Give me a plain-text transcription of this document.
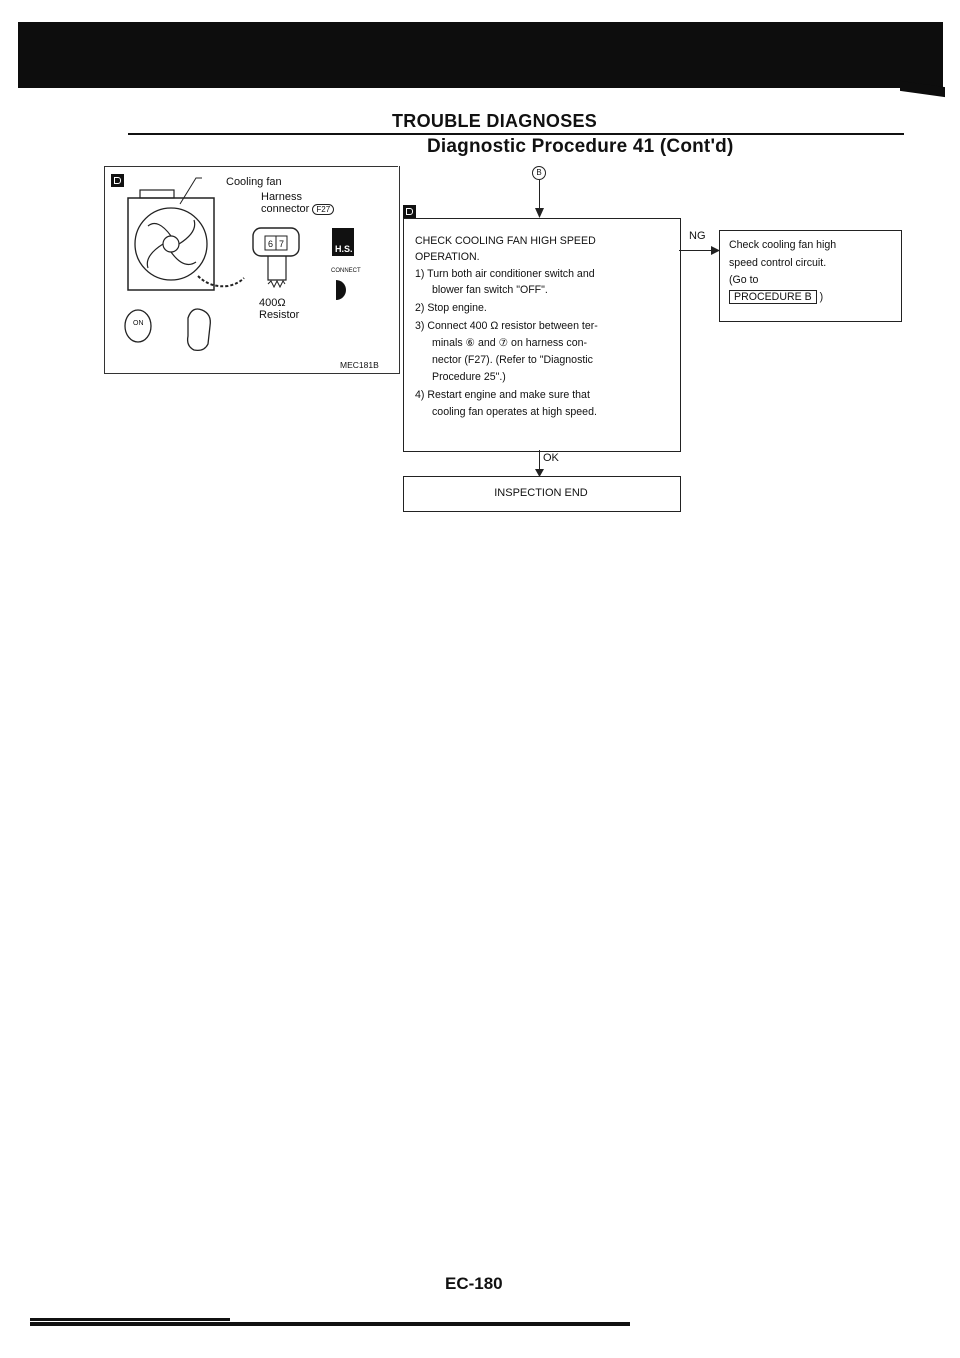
TROUBLE DIAGNOSES
Diagnostic Procedure 41 (Cont'd)
Cooling fan
Harness
connector F27
6 7	H.S.
CONNECT
400Ω
Resistor
ON
MEC181B
B
CHECK COOLING FAN HIGH SPEED
OPERATION.
1) Turn both air conditioner switch and
blower fan switch "OFF".
2) Stop engine.
3) Connect 400 Ω resistor between ter-
minals ⑥ and ⑦ on harness con-
nector (F27). (Refer to "Diagnostic
Procedure 25".)
4) Restart engine and make sure that
cooling fan operates at high speed.
NG
Check cooling fan high
speed control circuit.
(Go to
PROCEDURE B )
OK
INSPECTION END
EC-180
